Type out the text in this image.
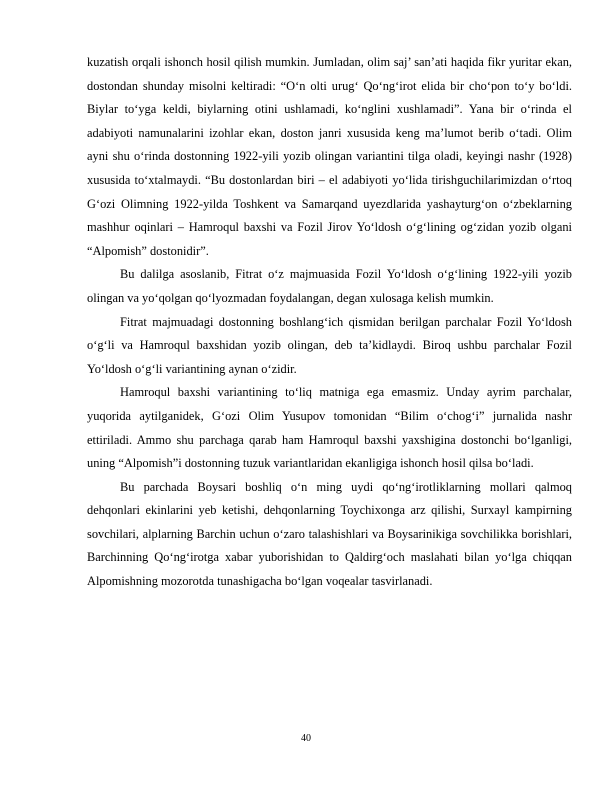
kuzatish orqali ishonch hosil qilish mumkin. Jumladan, olim saj’ san’ati haqida fikr yuritar ekan, dostondan shunday misolni keltiradi: “O‘n olti urug‘ Qo‘ng‘irot elida bir cho‘pon to‘y bo‘ldi. Biylar to‘yga keldi, biylarning otini ushlamadi, ko‘nglini xushlamadi”. Yana bir o‘rinda el adabiyoti namunalarini izohlar ekan, doston janri xususida keng ma’lumot berib o‘tadi. Olim ayni shu o‘rinda dostonning 1922-yili yozib olingan variantini tilga oladi, keyingi nashr (1928) xususida to‘xtalmaydi. “Bu dostonlardan biri – el adabiyoti yo‘lida tirishguchilarimizdan o‘rtoq G‘ozi Olimning 1922-yilda Toshkent va Samarqand uyezdlarida yashayturg‘on o‘zbeklarning mashhur oqinlari – Hamroqul baxshi va Fozil Jirov Yo‘ldosh o‘g‘lining og‘zidan yozib olgani “Alpomish” dostonidir”.

Bu dalilga asoslanib, Fitrat o‘z majmuasida Fozil Yo‘ldosh o‘g‘lining 1922-yili yozib olingan va yo‘qolgan qo‘lyozmadan foydalangan, degan xulosaga kelish mumkin.

Fitrat majmuadagi dostonning boshlang‘ich qismidan berilgan parchalar Fozil Yo‘ldosh o‘g‘li va Hamroqul baxshidan yozib olingan, deb ta’kidlaydi. Biroq ushbu parchalar Fozil Yo‘ldosh o‘g‘li variantining aynan o‘zidir.

Hamroqul baxshi variantining to‘liq matniga ega emasmiz. Unday ayrim parchalar, yuqorida aytilganidek, G‘ozi Olim Yusupov tomonidan “Bilim o‘chog‘i” jurnalida nashr ettiriladi. Ammo shu parchaga qarab ham Hamroqul baxshi yaxshigina dostonchi bo‘lganligi, uning “Alpomish”i dostonning tuzuk variantlaridan ekanligiga ishonch hosil qilsa bo‘ladi.

Bu parchada Boysari boshliq o‘n ming uydi qo‘ng‘irotliklarning mollari qalmoq dehqonlari ekinlarini yeb ketishi, dehqonlarning Toychixonga arz qilishi, Surxayl kampirning sovchilari, alplarning Barchin uchun o‘zaro talashishlari va Boysarinikiga sovchilikka borishlari, Barchinning Qo‘ng‘irotga xabar yuborishidan to Qaldirg‘och maslahati bilan yo‘lga chiqqan Alpomishning mozorotda tunashigacha bo‘lgan voqealar tasvirlanadi.

40
